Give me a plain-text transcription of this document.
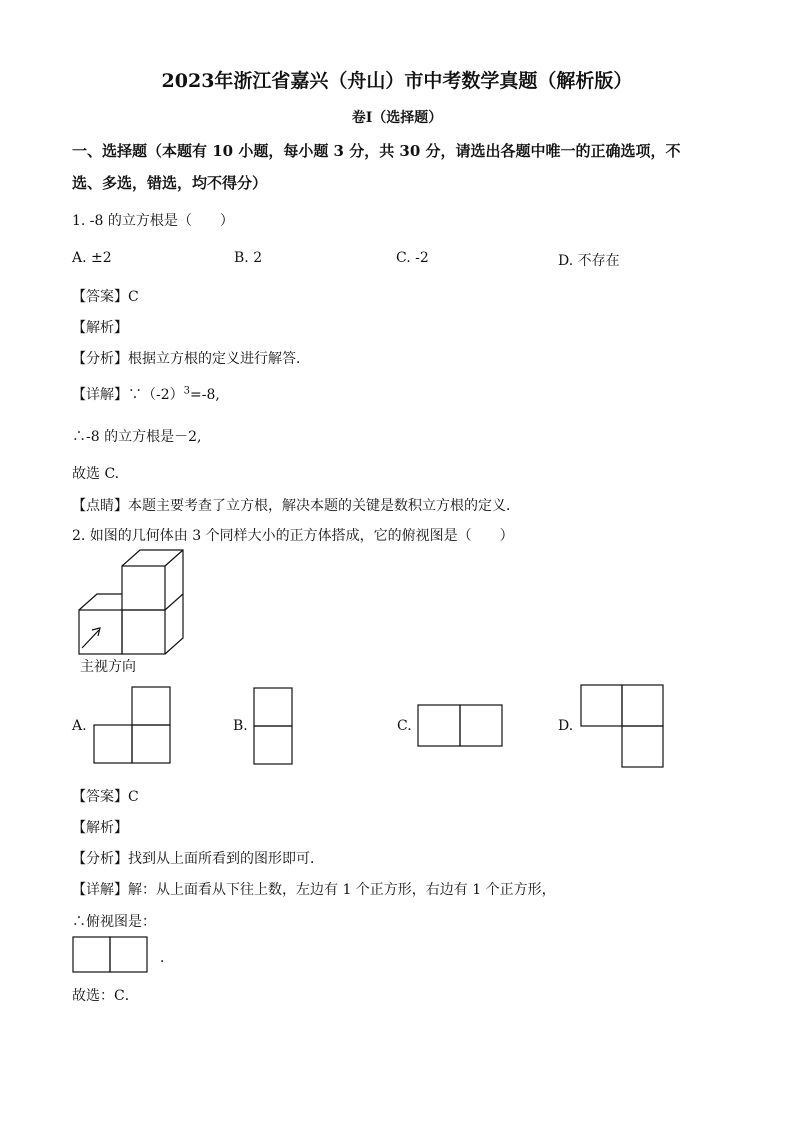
2023年浙江省嘉兴（舟山）市中考数学真题（解析版）
卷Ⅰ（选择题）
一、选择题（本题有 10 小题，每小题 3 分，共 30 分，请选出各题中唯一的正确选项，不
选、多选，错选，均不得分）
1. -8 的立方根是（　　）
A. ±2	B. 2	C. -2	D. 不存在
【答案】C
【解析】
【分析】根据立方根的定义进行解答．
【详解】$\because(-2)^3=-8$,
∴-8 的立方根是－2,
故选 C.
【点睛】本题主要考查了立方根，解决本题的关键是数积立方根的定义．
2. 如图的几何体由 3 个同样大小的正方体搭成，它的俯视图是（　　）
主视方向
A.	B.	C.	D.
【答案】C
【解析】
【分析】找到从上面所看到的图形即可．
【详解】解：从上面看从下往上数，左边有 1 个正方形，右边有 1 个正方形，
∴俯视图是：
．
故选：C．
